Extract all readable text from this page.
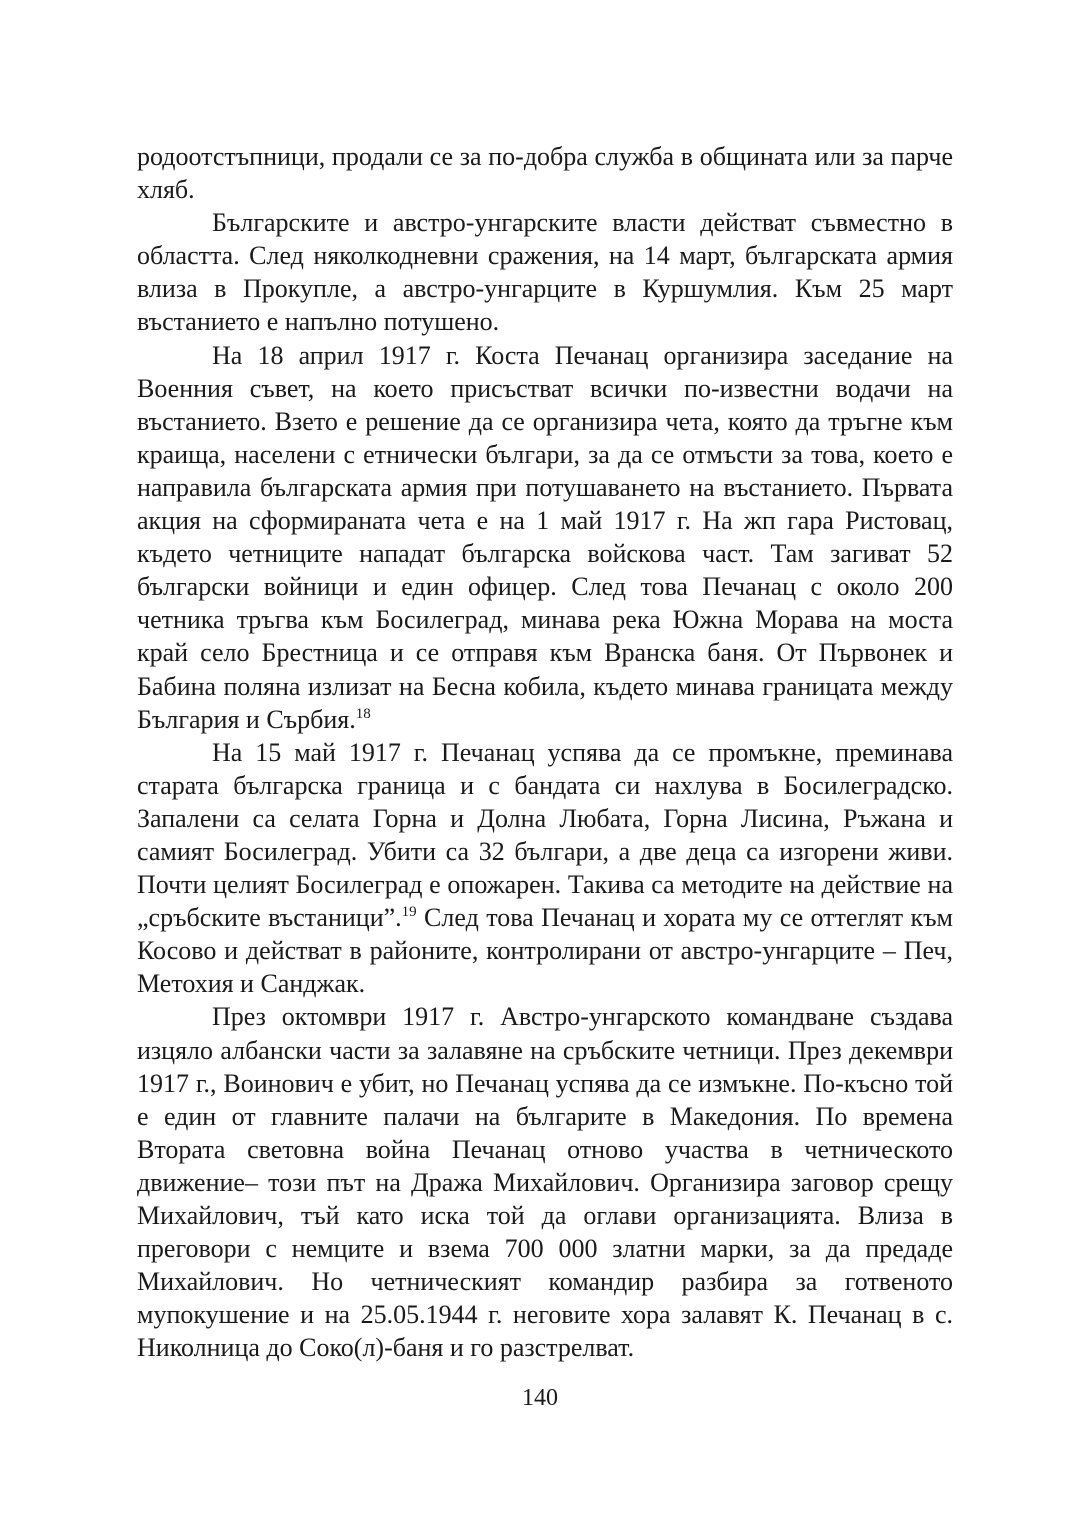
родоотстъпници, продали се за по-добра служба в общината или за парче хляб.

Българските и австро-унгарските власти действат съвместно в областта. След няколкодневни сражения, на 14 март, българската армия влиза в Прокупле, а австро-унгарците в Куршумлия. Към 25 март въстанието е напълно потушено.

На 18 април 1917 г. Коста Печанац организира заседание на Военния съвет, на което присъстват всички по-известни водачи на въстанието. Взето е решение да се организира чета, която да тръгне към краища, населени с етнически българи, за да се отмъсти за това, което е направила българската армия при потушаването на въстанието. Първата акция на сформираната чета е на 1 май 1917 г. На жп гара Ристовац, където четниците нападат българска войскова част. Там загиват 52 български войници и един офицер. След това Печанац с около 200 четника тръгва към Босилеград, минава река Южна Морава на моста край село Брестница и се отправя към Вранска баня. От Първонек и Бабина поляна излизат на Бесна кобила, където минава границата между България и Сърбия.$^{18}$

На 15 май 1917 г. Печанац успява да се промъкне, преминава старата българска граница и с бандата си нахлува в Босилеградско. Запалени са селата Горна и Долна Любата, Горна Лисина, Ръжана и самият Босилеград. Убити са 32 българи, а две деца са изгорени живи. Почти целият Босилеград е опожарен. Такива са методите на действие на „сръбските въстаници”.$^{19}$ След това Печанац и хората му се оттеглят към Косово и действат в районите, контролирани от австро-унгарците – Печ, Метохия и Санджак.

През октомври 1917 г. Австро-унгарското командване създава изцяло албански части за залавяне на сръбските четници. През декември 1917 г., Воинович е убит, но Печанац успява да се измъкне. По-късно той е един от главните палачи на българите в Македония. По времена Втората световна война Печанац отново участва в четническото движение– този път на Дража Михайлович. Организира заговор срещу Михайлович, тъй като иска той да оглави организацията. Влиза в преговори с немците и взема 700 000 златни марки, за да предаде Михайлович. Но четническият командир разбира за готвеното мупокушение и на 25.05.1944 г. неговите хора залавят К. Печанац в с. Николница до Соко(л)-баня и го разстрелват.

140
